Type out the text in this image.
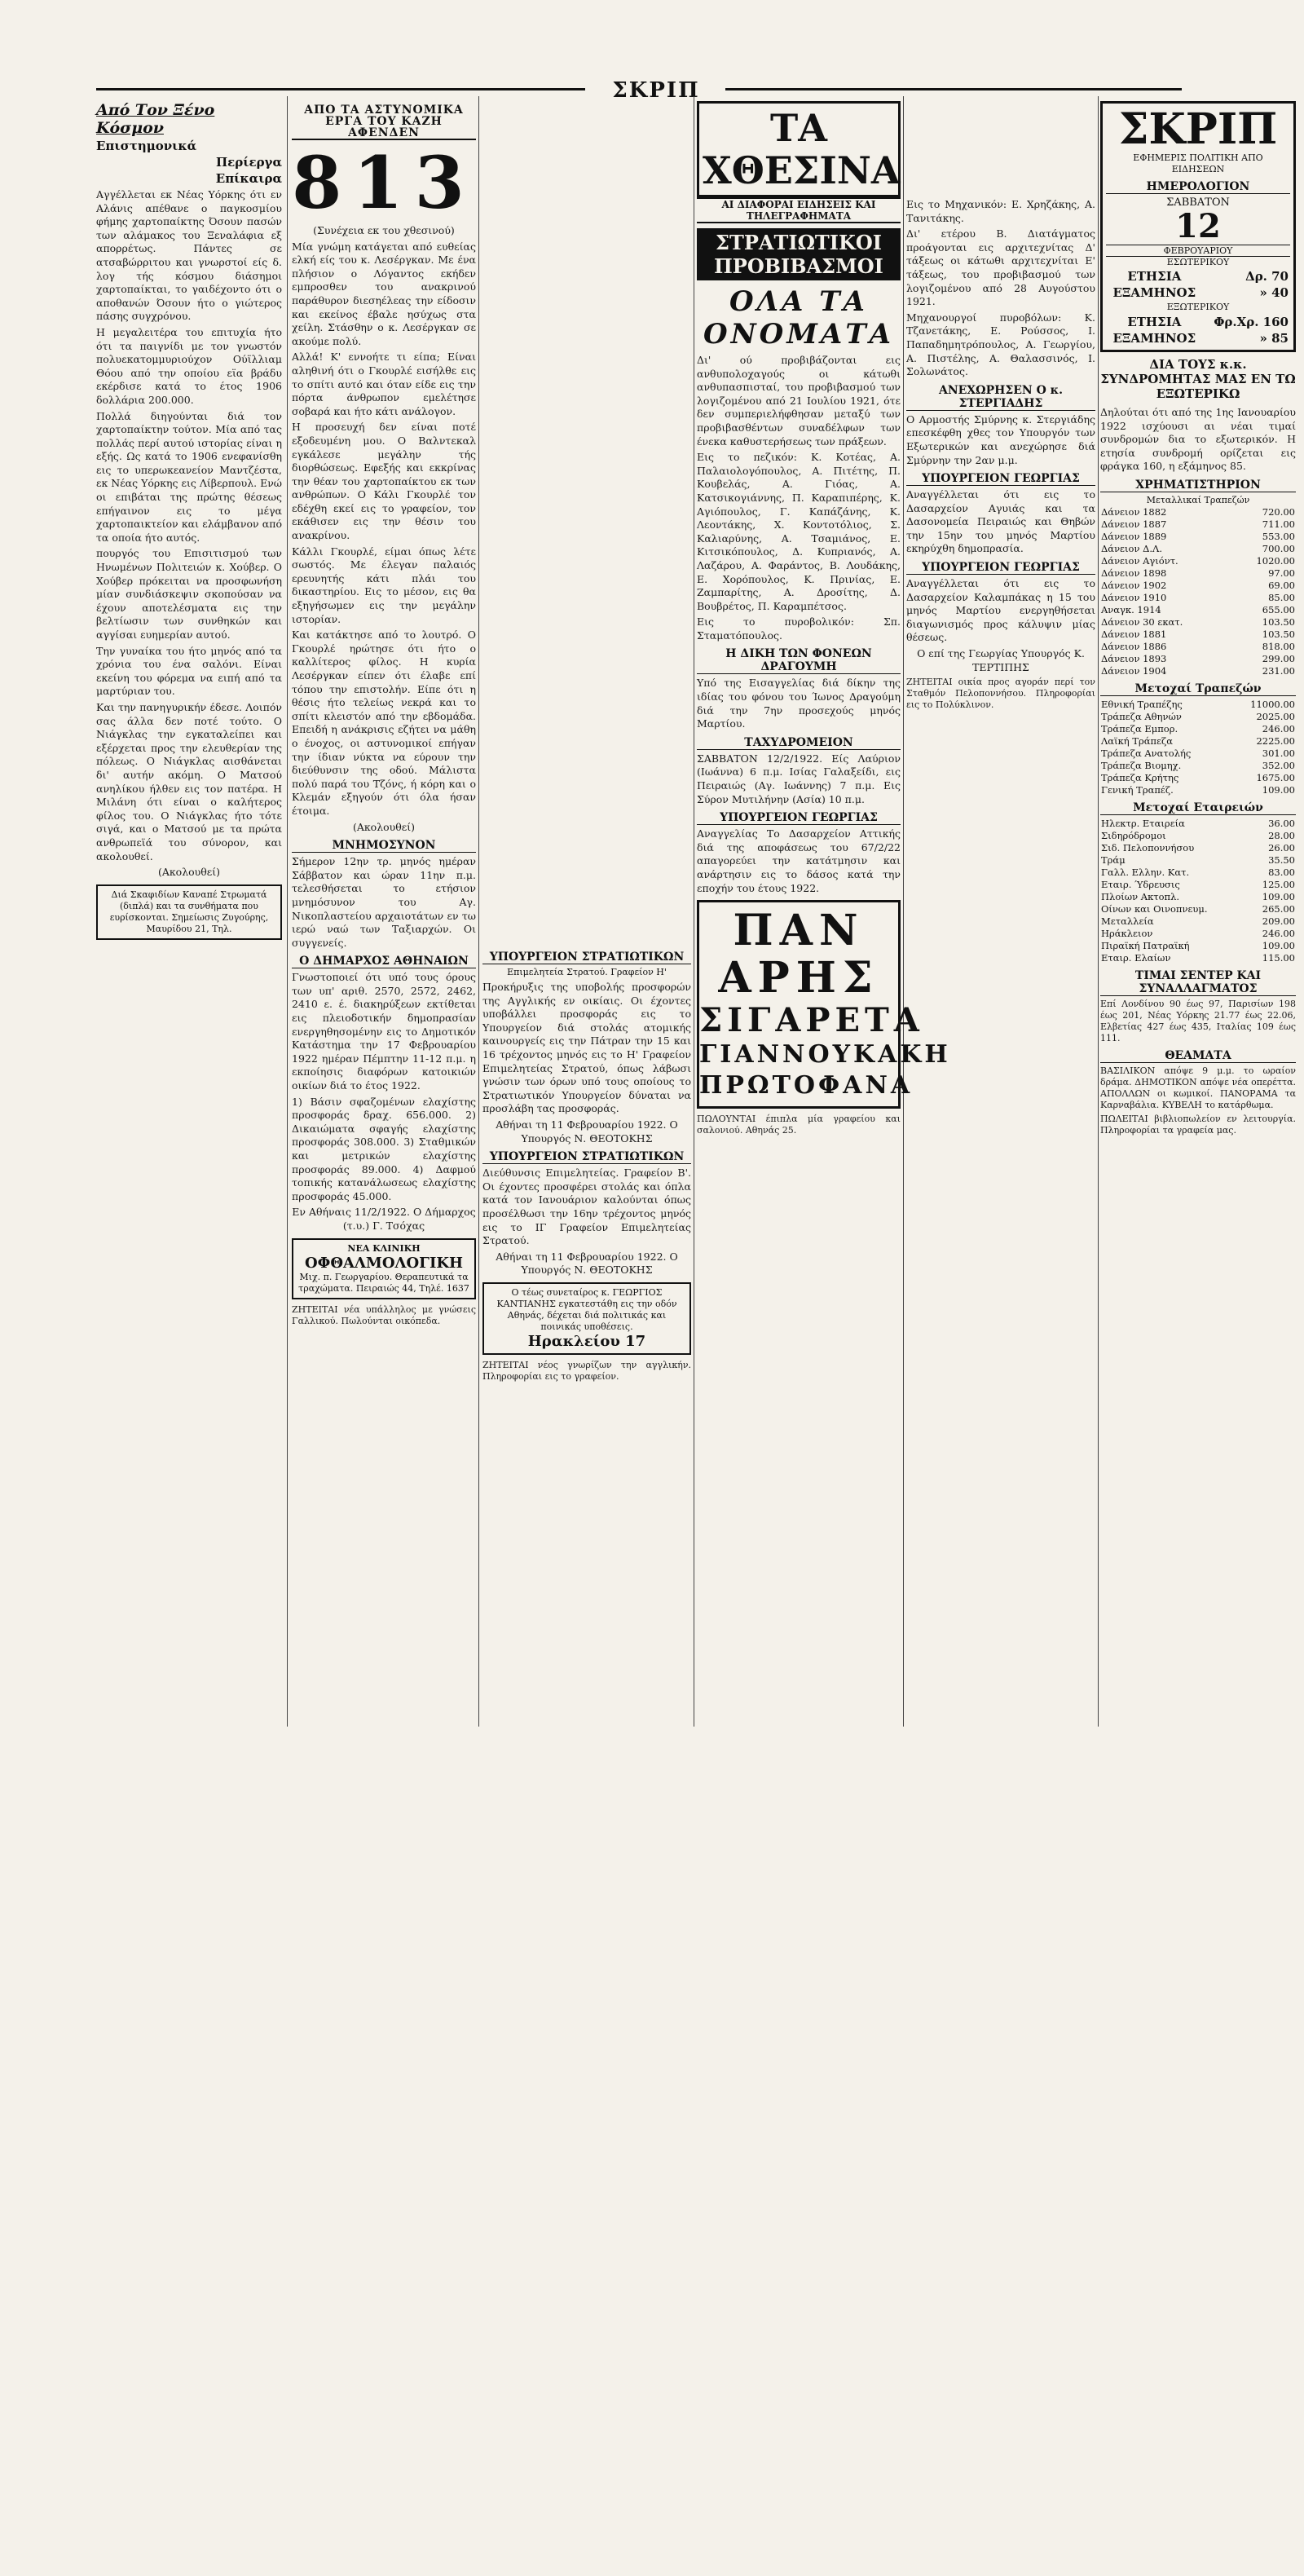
ΣΚΡΙΠ
Από Τον Ξένο Κόσμον
Επιστημονικά
Περίεργα
Επίκαιρα

Αγγέλλεται εκ Νέας Υόρκης ότι εν Αλάνις απέθανε ο παγκοσμίου φήμης χαρτοπαίκτης Όσουν πασών των αλάμακος του Ξεναλάφια εξ απορρέτως. Πάντες σε ατσαβώρριτου και γνωρστοί είς δ. λογ τής κόσμου διάσημοι χαρτοπαίκται, το γαιδέχοντο ότι ο αποθανών Όσουν ήτο ο γιώτερος πάσης συγχρόνου.

Η μεγαλειτέρα του επιτυχία ήτο ότι τα παιγνίδι με τον γνωστόν πολυεκατομμυριούχον Ούϊλλιαμ Θόου από την οποίου εϊα βράδυ εκέρδισε κατά το έτος 1906 δολλάρια 200.000.

Πολλά διηγούνται διά τον χαρτοπαίκτην τούτον. Μία από τας πολλάς περί αυτού ιστορίας είναι η εξής. Ως κατά το 1906 ενεφανίσθη εις το υπερωκεανείον Μαντζέστα, εκ Νέας Υόρκης εις Λίβερπουλ. Ενώ οι επιβάται της πρώτης θέσεως επήγαινον εις το μέγα χαρτοπαικτείον και ελάμβανον από τα οποία ήτο αυτός.

πουργός του Επισιτισμού των Ηνωμένων Πολιτειών κ. Χούβερ. Ο Χούβερ πρόκειται να προσφωνήση μίαν συνδιάσκεψιν σκοπούσαν να έχουν αποτελέσματα εις την βελτίωσιν των συνθηκών και αγγίσαι ευημερίαν αυτού.

Την γυναίκα του ήτο μηνός από τα χρόνια του ένα σαλόνι. Είναι εκείνη του φόρεμα να ειπή από τα μαρτύριαν του.

Και την πανηγυρικήν έδεσε. Λοιπόν σας άλλα δεν ποτέ τούτο. Ο Νιάγκλας την εγκαταλείπει και εξέρχεται προς την ελευθερίαν της πόλεως. Ο Νιάγκλας αισθάνεται δι' αυτήν ακόμη. Ο Ματσού ανηλίκου ήλθεν εις τον πατέρα. Η Μιλάνη ότι είναι ο καλήτερος φίλος του. Ο Νιάγκλας ήτο τότε σιγά, και ο Ματσού με τα πρώτα ανθρωπεϊά του σύνορον, και ακολουθεί.

(Ακολουθεί)

Διά Σκαφιδίων Καναπέ Στρωματά (διπλά) και τα συνθήματα που ευρίσκονται. Σημείωσις Ζυγούρης, Μαυρίδου 21, Τηλ.
ΑΠΟ ΤΑ ΑΣΤΥΝΟΜΙΚΑ ΕΡΓΑ ΤΟΥ ΚΑΖΗ ΑΦΕΝΔΕΝ
813

(Συνέχεια εκ του χθεσινού)

Μία γνώμη κατάγεται από ευθείας ελκή είς του κ. Λεσέργκαν. Με ένα πλήσιον ο Λόγαντος εκήδεν εμπροσθεν του ανακρινού παράθυρον διεσηέλεας την είδοσιν και εκείνος έβαλε ησύχως στα χείλη. Στάσθην ο κ. Λεσέργκαν σε ακούμε πολύ.

Αλλά! Κ' εννοήτε τι είπα; Είναι αληθινή ότι ο Γκουρλέ εισήλθε εις το σπίτι αυτό και όταν είδε εις την πόρτα άνθρωπον εμελέτησε σοβαρά και ήτο κάτι ανάλογον.

Η προσευχή δεν είναι ποτέ εξοδευμένη μου. Ο Βαλντεκαλ εγκάλεσε μεγάλην τής διορθώσεως. Εφεξής και εκκρίνας την θέαν του χαρτοπαίκτου εκ των ανθρώπων. Ο Κάλι Γκουρλέ τον εδέχθη εκεί εις το γραφείον, τον εκάθισεν εις την θέσιν του ανακρίνου.

Κάλλι Γκουρλέ, είμαι όπως λέτε σωστός. Με έλεγαν παλαιός ερευνητής κάτι πλάι του δικαστηρίου. Εις το μέσον, εις θα εξηγήσωμεν εις την μεγάλην ιστορίαν.

Και κατάκτησε από το λουτρό. Ο Γκουρλέ ηρώτησε ότι ήτο ο καλλίτερος φίλος. Η κυρία Λεσέργκαν είπεν ότι έλαβε επί τόπου την επιστολήν. Είπε ότι η θέσις ήτο τελείως νεκρά και το σπίτι κλειστόν από την εβδομάδα. Επειδή η ανάκρισις εζήτει να μάθη ο ένοχος, οι αστυνομικοί επήγαν την ίδιαν νύκτα να εύρουν την διεύθυνσιν της οδού. Μάλιστα πολύ παρά του Τζόνς, ή κόρη και ο Κλεμάν εξηγούν ότι όλα ήσαν έτοιμα.

(Ακολουθεί)

ΜΝΗΜΟΣΥΝΟΝ

Σήμερον 12ην τρ. μηνός ημέραν Σάββατον και ώραν 11ην π.μ. τελεσθήσεται το ετήσιον μνημόσυνον του Αγ. Νικοπλαστείου αρχαιοτάτων εν τω ιερώ ναώ των Ταξιαρχών. Οι συγγενείς.

Ο ΔΗΜΑΡΧΟΣ ΑΘΗΝΑΙΩΝ

Γνωστοποιεί ότι υπό τους όρους των υπ' αριθ. 2570, 2572, 2462, 2410 ε. έ. διακηρύξεων εκτίθεται εις πλειοδοτικήν δημοπρασίαν ενεργηθησομένην εις το Δημοτικόν Κατάστημα την 17 Φεβρουαρίου 1922 ημέραν Πέμπτην 11-12 π.μ. η εκποίησις διαφόρων κατοικιών οικίων διά το έτος 1922.

1) Βάσιν σφαζομένων ελαχίστης προσφοράς δραχ. 656.000. 2) Δικαιώματα σφαγής ελαχίστης προσφοράς 308.000. 3) Σταθμικών και μετρικών ελαχίστης προσφοράς 89.000. 4) Δαφμού τοπικής κατανάλωσεως ελαχίστης προσφοράς 45.000.

Εν Αθήναις 11/2/1922. Ο Δήμαρχος (τ.υ.) Γ. Τσόχας

ΝΕΑ ΚΛΙΝΙΚΗ
ΟΦΘΑΛΜΟΛΟΓΙΚΗ
Μιχ. π. Γεωργαρίου. Θεραπευτικά τα τραχώματα. Πειραιώς 44, Τηλέ. 1637

ΖΗΤΕΙΤΑΙ νέα υπάλληλος με γνώσεις Γαλλικού. Πωλούνται οικόπεδα.

ΥΠΟΥΡΓΕΙΟΝ ΣΤΡΑΤΙΩΤΙΚΩΝ
Επιμελητεία Στρατού. Γραφείον Η'

Προκήρυξις της υποβολής προσφορών της Αγγλικής εν οικίαις. Οι έχοντες υποβάλλει προσφοράς εις το Υπουργείον διά στολάς ατομικής καινουργείς εις την Πάτραν την 15 και 16 τρέχοντος μηνός εις το Η' Γραφείον Επιμελητείας Στρατού, όπως λάβωσι γνώσιν των όρων υπό τους οποίους το Στρατιωτικόν Υπουργείον δύναται να προσλάβη τας προσφοράς.

Αθήναι τη 11 Φεβρουαρίου 1922. Ο Υπουργός Ν. ΘΕΟΤΟΚΗΣ

ΥΠΟΥΡΓΕΙΟΝ ΣΤΡΑΤΙΩΤΙΚΩΝ

Διεύθυνσις Επιμελητείας. Γραφείον Β'. Οι έχοντες προσφέρει στολάς και όπλα κατά τον Ιανουάριον καλούνται όπως προσέλθωσι την 16ην τρέχοντος μηνός εις το ΙΓ Γραφείον Επιμελητείας Στρατού.

Αθήναι τη 11 Φεβρουαρίου 1922. Ο Υπουργός Ν. ΘΕΟΤΟΚΗΣ

Ο τέως συνεταίρος κ. ΓΕΩΡΓΙΟΣ ΚΑΝΤΙΑΝΗΣ εγκατεστάθη εις την οδόν Αθηνάς, δέχεται διά πολιτικάς και ποινικάς υποθέσεις.
Ηρακλείου 17

ΖΗΤΕΙΤΑΙ νέος γνωρίζων την αγγλικήν. Πληροφορίαι εις το γραφείον.

ΤΑ ΧΘΕΣΙΝΑ
ΑΙ ΔΙΑΦΟΡΑΙ ΕΙΔΗΣΕΙΣ ΚΑΙ ΤΗΛΕΓΡΑΦΗΜΑΤΑ
ΣΤΡΑΤΙΩΤΙΚΟΙ ΠΡΟΒΙΒΑΣΜΟΙ
ΟΛΑ ΤΑ ΟΝΟΜΑΤΑ

Δι' ού προβιβάζονται εις ανθυπολοχαγούς οι κάτωθι ανθυπασπισταί, του προβιβασμού των λογιζομένου από 21 Ιουλίου 1921, ότε δεν συμπεριελήφθησαν μεταξύ των προβιβασθέντων συναδέλφων των ένεκα καθυστερήσεως των πράξεων.

Εις το πεζικόν: Κ. Κοτέας, Α. Παλαιολογόπουλος, Α. Πιτέτης, Π. Κουβελάς, Α. Γιόας, Α. Κατσικογιάννης, Π. Καραπιπέρης, Κ. Αγιόπουλος, Γ. Καπάζάνης, Κ. Λεοντάκης, Χ. Κοντοτόλιος, Σ. Καλιαρύνης, Α. Τσαμιάνος, Ε. Κιτσικόπουλος, Δ. Κυπριανός, Α. Λαζάρου, Α. Φαράντος, Β. Λουδάκης, Ε. Χορόπουλος, Κ. Πρινίας, Ε. Ζαμπαρίτης, Α. Δροσίτης, Δ. Βουβρέτος, Π. Καραμπέτσος.

Εις το πυροβολικόν: Σπ. Σταματόπουλος.

Η ΔΙΚΗ ΤΩΝ ΦΟΝΕΩΝ ΔΡΑΓΟΥΜΗ

Υπό της Εισαγγελίας διά δίκην της ιδίας του φόνου του Ίωνος Δραγούμη διά την 7ην προσεχούς μηνός Μαρτίου.

ΤΑΧΥΔΡΟΜΕΙΟΝ

ΣΑΒΒΑΤΟΝ 12/2/1922. Είς Λαύριον (Ιωάννα) 6 π.μ. Ισίας Γαλαξείδι, εις Πειραιώς (Αγ. Ιωάννης) 7 π.μ. Εις Σύρον Μυτιλήνην (Ασία) 10 π.μ.

ΥΠΟΥΡΓΕΙΟΝ ΓΕΩΡΓΙΑΣ

Αναγγελίας Το Δασαρχείον Αττικής διά της αποφάσεως του 67/2/22 απαγορεύει την κατάτμησιν και ανάρτησιν εις το δάσος κατά την εποχήν του έτους 1922.

ΠΑΝ
ΑΡΗΣ
ΣΙΓΑΡΕΤΑ
ΓΙΑΝΝΟΥΚΑΚΗ
ΠΡΩΤΟΦΑΝΑ

ΠΩΛΟΥΝΤΑΙ έπιπλα μία γραφείου και σαλονιού. Αθηνάς 25.

Εις το Μηχανικόν: Ε. Χρηζάκης, Α. Τανιτάκης.

Δι' ετέρου Β. Διατάγματος προάγονται εις αρχιτεχνίτας Δ' τάξεως οι κάτωθι αρχιτεχνίται Ε' τάξεως, του προβιβασμού των λογιζομένου από 28 Αυγούστου 1921.

Μηχανουργοί πυροβόλων: Κ. Τζανετάκης, Ε. Ρούσσος, Ι. Παπαδημητρόπουλος, Α. Γεωργίου, Α. Πιστέλης, Α. Θαλασσινός, Ι. Σολωνάτος.

ΑΝΕΧΩΡΗΣΕΝ Ο κ. ΣΤΕΡΓΙΑΔΗΣ

Ο Αρμοστής Σμύρνης κ. Στεργιάδης επεσκέφθη χθες τον Υπουργόν των Εξωτερικών και ανεχώρησε διά Σμύρνην την 2αν μ.μ.

ΥΠΟΥΡΓΕΙΟΝ ΓΕΩΡΓΙΑΣ

Αναγγέλλεται ότι εις το Δασαρχείον Αγυιάς και τα Δασονομεία Πειραιώς και Θηβών την 15ην του μηνός Μαρτίου εκηρύχθη δημοπρασία.

ΥΠΟΥΡΓΕΙΟΝ ΓΕΩΡΓΙΑΣ

Αναγγέλλεται ότι εις το Δασαρχείον Καλαμπάκας η 15 του μηνός Μαρτίου ενεργηθήσεται διαγωνισμός προς κάλυψιν μίας θέσεως.

Ο επί της Γεωργίας Υπουργός Κ. ΤΕΡΤΙΠΗΣ

ΖΗΤΕΙΤΑΙ οικία προς αγοράν περί τον Σταθμόν Πελοποννήσου. Πληροφορίαι εις το Πολύκλινον.

ΣΚΡΙΠ
ΕΦΗΜΕΡΙΣ ΠΟΛΙΤΙΚΗ ΑΠΟ ΕΙΔΗΣΕΩΝ
ΗΜΕΡΟΛΟΓΙΟΝ
ΣΑΒΒΑΤΟΝ
12
ΦΕΒΡΟΥΑΡΙΟΥ
ΕΣΩΤΕΡΙΚΟΥ
ΕΤΗΣΙΑ	Δρ. 70
ΕΞΑΜΗΝΟΣ	» 40
ΕΞΩΤΕΡΙΚΟΥ	
ΕΤΗΣΙΑ	Φρ.Χρ. 160
ΕΞΑΜΗΝΟΣ	» 85
ΔΙΑ ΤΟΥΣ κ.κ. ΣΥΝΔΡΟΜΗΤΑΣ ΜΑΣ ΕΝ ΤΩ ΕΞΩΤΕΡΙΚΩ

Δηλούται ότι από της 1ης Ιανουαρίου 1922 ισχύουσι αι νέαι τιμαί συνδρομών δια το εξωτερικόν. Η ετησία συνδρομή ορίζεται εις φράγκα 160, η εξάμηνος 85.

ΧΡΗΜΑΤΙΣΤΗΡΙΟΝ
Μεταλλικαί Τραπεζών
Δάνειον 1882	720.00
Δάνειον 1887	711.00
Δάνειον 1889	553.00
Δάνειον Δ.Λ.	700.00
Δάνειον Αγιόντ.	1020.00
Δάνειον 1898	97.00
Δάνειον 1902	69.00
Δάνειον 1910	85.00
Αναγκ. 1914	655.00
Δάνειον 30 εκατ.	103.50
Δάνειον 1881	103.50
Δάνειον 1886	818.00
Δάνειον 1893	299.00
Δάνειον 1904	231.00
Μετοχαί Τραπεζών
Εθνική Τραπέζης	11000.00
Τράπεζα Αθηνών	2025.00
Τράπεζα Εμπορ.	246.00
Λαϊκή Τράπεζα	2225.00
Τράπεζα Ανατολής	301.00
Τράπεζα Βιομηχ.	352.00
Τράπεζα Κρήτης	1675.00
Γενική Τραπέζ.	109.00
Μετοχαί Εταιρειών
Ηλεκτρ. Εταιρεία	36.00
Σιδηρόδρομοι	28.00
Σιδ. Πελοποννήσου	26.00
Τράμ	35.50
Γαλλ. Ελλην. Κατ.	83.00
Εταιρ. Ύδρευσις	125.00
Πλοίων Ακτοπλ.	109.00
Οίνων και Οινοπνευμ.	265.00
Μεταλλεία	209.00
Ηράκλειον	246.00
Πιραϊκή Πατραϊκή	109.00
Εταιρ. Ελαίων	115.00
ΤΙΜΑΙ ΣΕΝΤΕΡ ΚΑΙ ΣΥΝΑΛΛΑΓΜΑΤΟΣ

Επί Λονδίνου 90 έως 97, Παρισίων 198 έως 201, Νέας Υόρκης 21.77 έως 22.06, Ελβετίας 427 έως 435, Ιταλίας 109 έως 111.

ΘΕΑΜΑΤΑ

ΒΑΣΙΛΙΚΟΝ απόψε 9 μ.μ. το ωραίον δράμα. ΔΗΜΟΤΙΚΟΝ απόψε νέα οπερέττα. ΑΠΟΛΛΩΝ οι κωμικοί. ΠΑΝΟΡΑΜΑ τα Καρναβάλια. ΚΥΒΕΛΗ το κατάρθωμα.

ΠΩΛΕΙΤΑΙ βιβλιοπωλείον εν λειτουργία. Πληροφορίαι τα γραφεία μας.
